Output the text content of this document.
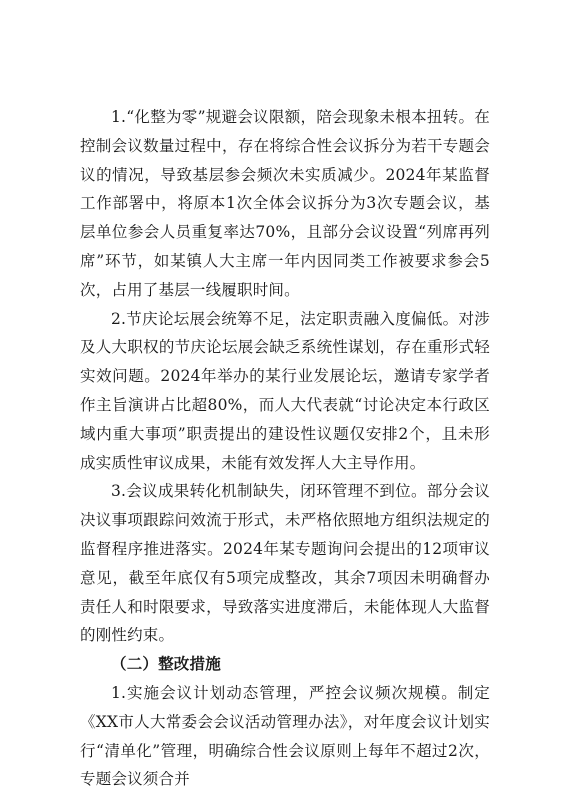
1.“化整为零”规避会议限额，陪会现象未根本扭转。在控制会议数量过程中，存在将综合性会议拆分为若干专题会议的情况，导致基层参会频次未实质减少。2024年某监督工作部署中，将原本1次全体会议拆分为3次专题会议，基层单位参会人员重复率达70%，且部分会议设置“列席再列席”环节，如某镇人大主席一年内因同类工作被要求参会5次，占用了基层一线履职时间。

2.节庆论坛展会统筹不足，法定职责融入度偏低。对涉及人大职权的节庆论坛展会缺乏系统性谋划，存在重形式轻实效问题。2024年举办的某行业发展论坛，邀请专家学者作主旨演讲占比超80%，而人大代表就“讨论决定本行政区域内重大事项”职责提出的建设性议题仅安排2个，且未形成实质性审议成果，未能有效发挥人大主导作用。

3.会议成果转化机制缺失，闭环管理不到位。部分会议决议事项跟踪问效流于形式，未严格依照地方组织法规定的监督程序推进落实。2024年某专题询问会提出的12项审议意见，截至年底仅有5项完成整改，其余7项因未明确督办责任人和时限要求，导致落实进度滞后，未能体现人大监督的刚性约束。

（二）整改措施

1.实施会议计划动态管理，严控会议频次规模。制定《XX市人大常委会会议活动管理办法》，对年度会议计划实行“清单化”管理，明确综合性会议原则上每年不超过2次，专题会议须合并
